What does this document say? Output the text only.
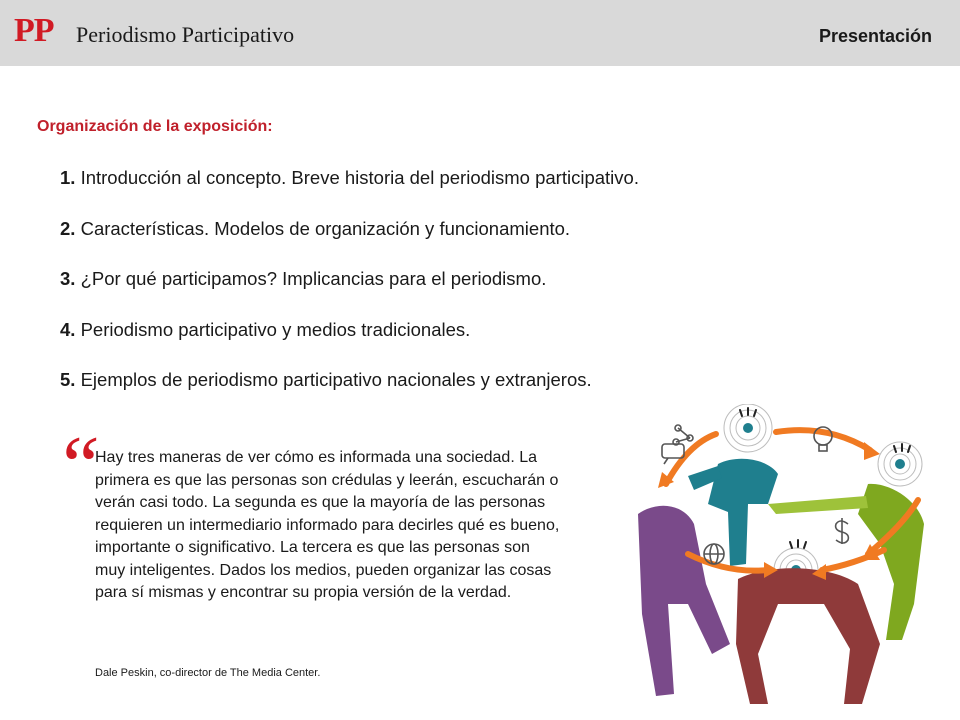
PP Periodismo Participativo	Presentación
Organización de la exposición:
1. Introducción al concepto. Breve historia del periodismo participativo.
2. Características. Modelos de organización y funcionamiento.
3. ¿Por qué participamos? Implicancias para el periodismo.
4. Periodismo participativo y medios tradicionales.
5. Ejemplos de periodismo participativo nacionales y extranjeros.
“
Hay tres maneras de ver cómo es informada una sociedad. La primera es que las personas son crédulas y leerán, escucharán o verán casi todo. La segunda es que la mayoría de las personas requieren un intermediario informado para decirles qué es bueno, importante o significativo. La tercera es que las personas son muy inteligentes. Dados los medios, pueden organizar las cosas para sí mismas y encontrar su propia versión de la verdad.
Dale Peskin, co-director de The Media Center.
